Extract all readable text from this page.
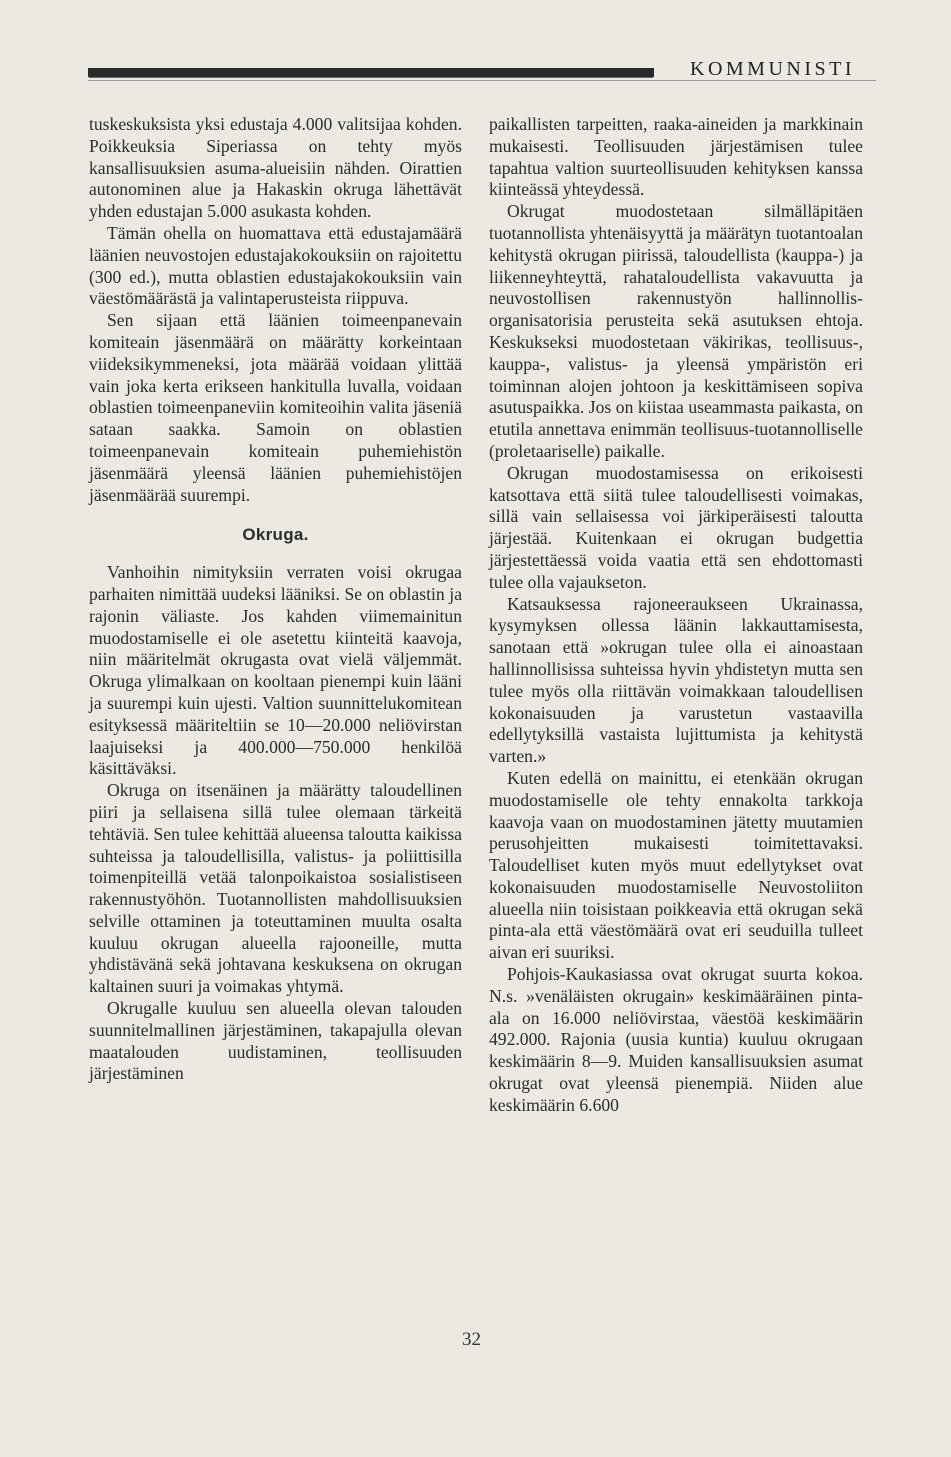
KOMMUNISTI

tuskeskuksista yksi edustaja 4.000 valitsijaa kohden. Poikkeuksia Siperiassa on tehty myös kansallisuuksien asuma-alueisiin nähden. Oirattien autonominen alue ja Hakaskin okruga lähettävät yhden edustajan 5.000 asukasta kohden.

Tämän ohella on huomattava että edustajamäärä läänien neuvostojen edustajakokouksiin on rajoitettu (300 ed.), mutta oblastien edustajakokouksiin vain väestömäärästä ja valintaperusteista riippuva.

Sen sijaan että läänien toimeenpanevain komiteain jäsenmäärä on määrätty korkeintaan viideksikymmeneksi, jota määrää voidaan ylittää vain joka kerta erikseen hankitulla luvalla, voidaan oblastien toimeenpaneviin komiteoihin valita jäseniä sataan saakka. Samoin on oblastien toimeenpanevain komiteain puhemiehistön jäsenmäärä yleensä läänien puhemiehistöjen jäsenmäärää suurempi.

Okruga.

Vanhoihin nimityksiin verraten voisi okrugaa parhaiten nimittää uudeksi lääniksi. Se on oblastin ja rajonin väliaste. Jos kahden viimemainitun muodostamiselle ei ole asetettu kiinteitä kaavoja, niin määritelmät okrugasta ovat vielä väljemmät. Okruga ylimalkaan on kooltaan pienempi kuin lääni ja suurempi kuin ujesti. Valtion suunnittelukomitean esityksessä määriteltiin se 10—20.000 neliövirstan laajuiseksi ja 400.000—750.000 henkilöä käsittäväksi.

Okruga on itsenäinen ja määrätty taloudellinen piiri ja sellaisena sillä tulee olemaan tärkeitä tehtäviä. Sen tulee kehittää alueensa taloutta kaikissa suhteissa ja taloudellisilla, valistus- ja poliittisilla toimenpiteillä vetää talonpoikaistoa sosialistiseen rakennustyöhön. Tuotannollisten mahdollisuuksien selville ottaminen ja toteuttaminen muulta osalta kuuluu okrugan alueella rajooneille, mutta yhdistävänä sekä johtavana keskuksena on okrugan kaltainen suuri ja voimakas yhtymä.

Okrugalle kuuluu sen alueella olevan talouden suunnitelmallinen järjestäminen, takapajulla olevan maatalouden uudistaminen, teollisuuden järjestäminen

paikallisten tarpeitten, raaka-aineiden ja markkinain mukaisesti. Teollisuuden järjestämisen tulee tapahtua valtion suurteollisuuden kehityksen kanssa kiinteässä yhteydessä.

Okrugat muodostetaan silmälläpitäen tuotannollista yhtenäisyyttä ja määrätyn tuotantoalan kehitystä okrugan piirissä, taloudellista (kauppa-) ja liikenneyhteyttä, rahataloudellista vakavuutta ja neuvostollisen rakennustyön hallinnollis-organisatorisia perusteita sekä asutuksen ehtoja. Keskukseksi muodostetaan väkirikas, teollisuus-, kauppa-, valistus- ja yleensä ympäristön eri toiminnan alojen johtoon ja keskittämiseen sopiva asutuspaikka. Jos on kiistaa useammasta paikasta, on etutila annettava enimmän teollisuus-tuotannolliselle (proletaariselle) paikalle.

Okrugan muodostamisessa on erikoisesti katsottava että siitä tulee taloudellisesti voimakas, sillä vain sellaisessa voi järkiperäisesti taloutta järjestää. Kuitenkaan ei okrugan budgettia järjestettäessä voida vaatia että sen ehdottomasti tulee olla vajaukseton.

Katsauksessa rajoneeraukseen Ukrainassa, kysymyksen ollessa läänin lakkauttamisesta, sanotaan että »okrugan tulee olla ei ainoastaan hallinnollisissa suhteissa hyvin yhdistetyn mutta sen tulee myös olla riittävän voimakkaan taloudellisen kokonaisuuden ja varustetun vastaavilla edellytyksillä vastaista lujittumista ja kehitystä varten.»

Kuten edellä on mainittu, ei etenkään okrugan muodostamiselle ole tehty ennakolta tarkkoja kaavoja vaan on muodostaminen jätetty muutamien perusohjeitten mukaisesti toimitettavaksi. Taloudelliset kuten myös muut edellytykset ovat kokonaisuuden muodostamiselle Neuvostoliiton alueella niin toisistaan poikkeavia että okrugan sekä pinta-ala että väestömäärä ovat eri seuduilla tulleet aivan eri suuriksi.

Pohjois-Kaukasiassa ovat okrugat suurta kokoa. N.s. »venäläisten okrugain» keskimääräinen pinta-ala on 16.000 neliövirstaa, väestöä keskimäärin 492.000. Rajonia (uusia kuntia) kuuluu okrugaan keskimäärin 8—9. Muiden kansallisuuksien asumat okrugat ovat yleensä pienempiä. Niiden alue keskimäärin 6.600

32
